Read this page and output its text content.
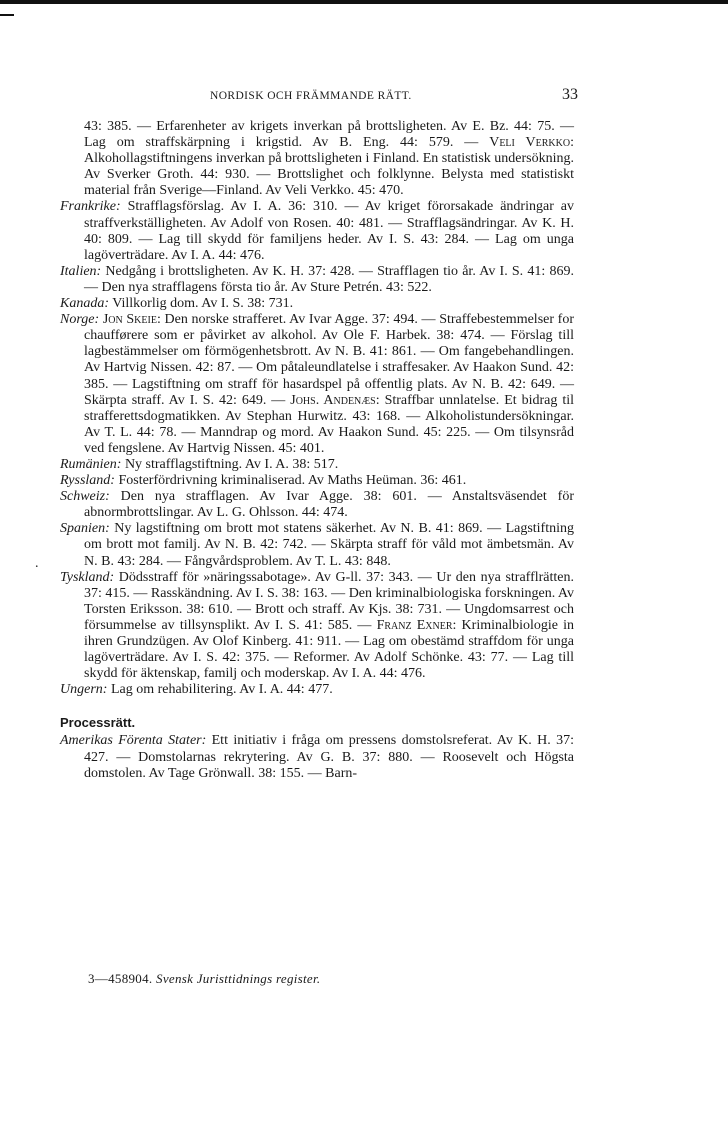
NORDISK OCH FRÄMMANDE RÄTT.	33
.

43: 385. — Erfarenheter av krigets inverkan på brottsligheten. Av E. Bz. 44: 75. — Lag om straffskärpning i krigstid. Av B. Eng. 44: 579. — Veli Verkko: Alkohollagstiftningens inverkan på brottsligheten i Finland. En statistisk undersökning. Av Sverker Groth. 44: 930. — Brottslighet och folklynne. Belysta med statistiskt material från Sverige—Finland. Av Veli Verkko. 45: 470.

Frankrike: Strafflagsförslag. Av I. A. 36: 310. — Av kriget förorsakade ändringar av straffverkställigheten. Av Adolf von Rosen. 40: 481. — Strafflagsändringar. Av K. H. 40: 809. — Lag till skydd för familjens heder. Av I. S. 43: 284. — Lag om unga lagöverträdare. Av I. A. 44: 476.

Italien: Nedgång i brottsligheten. Av K. H. 37: 428. — Strafflagen tio år. Av I. S. 41: 869. — Den nya strafflagens första tio år. Av Sture Petrén. 43: 522.

Kanada: Villkorlig dom. Av I. S. 38: 731.

Norge: Jon Skeie: Den norske strafferet. Av Ivar Agge. 37: 494. — Straffebestemmelser for chaufførere som er påvirket av alkohol. Av Ole F. Harbek. 38: 474. — Förslag till lagbestämmelser om förmögenhetsbrott. Av N. B. 41: 861. — Om fangebehandlingen. Av Hartvig Nissen. 42: 87. — Om påtaleundlatelse i straffesaker. Av Haakon Sund. 42: 385. — Lagstiftning om straff för hasardspel på offentlig plats. Av N. B. 42: 649. — Skärpta straff. Av I. S. 42: 649. — Johs. Andenæs: Straffbar unnlatelse. Et bidrag til strafferettsdogmatikken. Av Stephan Hurwitz. 43: 168. — Alkoholistundersökningar. Av T. L. 44: 78. — Manndrap og mord. Av Haakon Sund. 45: 225. — Om tilsynsråd ved fengslene. Av Hartvig Nissen. 45: 401.

Rumänien: Ny strafflagstiftning. Av I. A. 38: 517.

Ryssland: Fosterfördrivning kriminaliserad. Av Maths Heüman. 36: 461.

Schweiz: Den nya strafflagen. Av Ivar Agge. 38: 601. — Anstaltsväsendet för abnormbrottslingar. Av L. G. Ohlsson. 44: 474.

Spanien: Ny lagstiftning om brott mot statens säkerhet. Av N. B. 41: 869. — Lagstiftning om brott mot familj. Av N. B. 42: 742. — Skärpta straff för våld mot ämbetsmän. Av N. B. 43: 284. — Fångvårdsproblem. Av T. L. 43: 848.

Tyskland: Dödsstraff för »näringssabotage». Av G-ll. 37: 343. — Ur den nya strafflrätten. 37: 415. — Rasskändning. Av I. S. 38: 163. — Den kriminalbiologiska forskningen. Av Torsten Eriksson. 38: 610. — Brott och straff. Av Kjs. 38: 731. — Ungdomsarrest och försummelse av tillsynsplikt. Av I. S. 41: 585. — Franz Exner: Kriminalbiologie in ihren Grundzügen. Av Olof Kinberg. 41: 911. — Lag om obestämd straffdom för unga lagöverträdare. Av I. S. 42: 375. — Reformer. Av Adolf Schönke. 43: 77. — Lag till skydd för äktenskap, familj och moderskap. Av I. A. 44: 476.

Ungern: Lag om rehabilitering. Av I. A. 44: 477.

Processrätt.

Amerikas Förenta Stater: Ett initiativ i fråga om pressens domstolsreferat. Av K. H. 37: 427. — Domstolarnas rekrytering. Av G. B. 37: 880. — Roosevelt och Högsta domstolen. Av Tage Grönwall. 38: 155. — Barn-

3—458904. Svensk Juristtidnings register.
